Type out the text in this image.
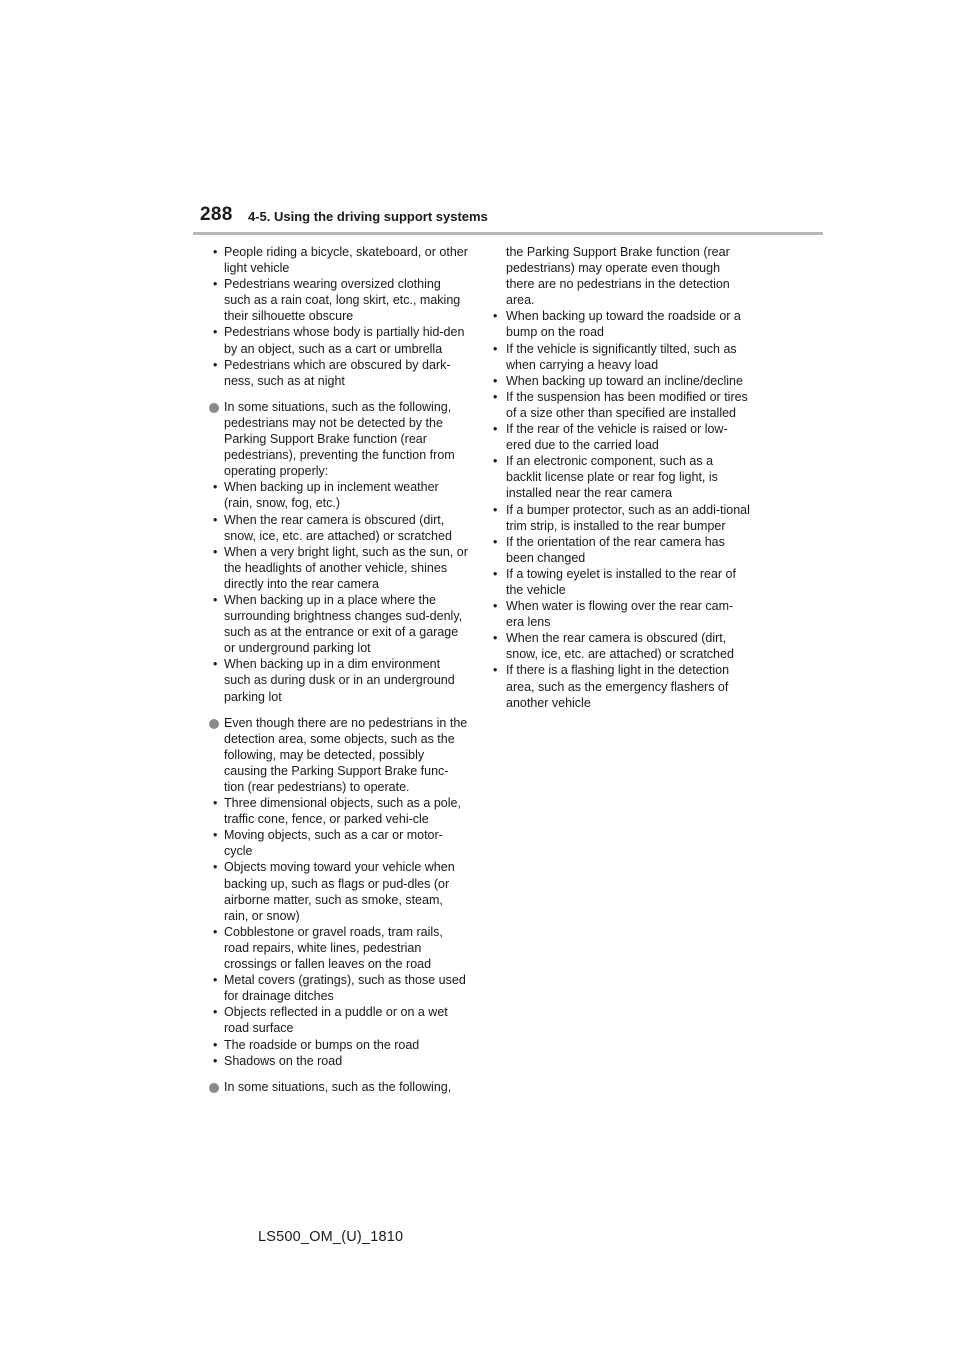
288 4-5. Using the driving support systems
• People riding a bicycle, skateboard, or other light vehicle
• Pedestrians wearing oversized clothing such as a rain coat, long skirt, etc., making their silhouette obscure
• Pedestrians whose body is partially hid-den by an object, such as a cart or umbrella
• Pedestrians which are obscured by dark-ness, such as at night
In some situations, such as the following, pedestrians may not be detected by the Parking Support Brake function (rear pedestrians), preventing the function from operating properly:
• When backing up in inclement weather (rain, snow, fog, etc.)
• When the rear camera is obscured (dirt, snow, ice, etc. are attached) or scratched
• When a very bright light, such as the sun, or the headlights of another vehicle, shines directly into the rear camera
• When backing up in a place where the surrounding brightness changes sud-denly, such as at the entrance or exit of a garage or underground parking lot
• When backing up in a dim environment such as during dusk or in an underground parking lot
Even though there are no pedestrians in the detection area, some objects, such as the following, may be detected, possibly causing the Parking Support Brake func-tion (rear pedestrians) to operate.
• Three dimensional objects, such as a pole, traffic cone, fence, or parked vehi-cle
• Moving objects, such as a car or motor-cycle
• Objects moving toward your vehicle when backing up, such as flags or pud-dles (or airborne matter, such as smoke, steam, rain, or snow)
• Cobblestone or gravel roads, tram rails, road repairs, white lines, pedestrian crossings or fallen leaves on the road
• Metal covers (gratings), such as those used for drainage ditches
• Objects reflected in a puddle or on a wet road surface
• The roadside or bumps on the road
• Shadows on the road
In some situations, such as the following,
the Parking Support Brake function (rear pedestrians) may operate even though there are no pedestrians in the detection area.
• When backing up toward the roadside or a bump on the road
• If the vehicle is significantly tilted, such as when carrying a heavy load
• When backing up toward an incline/decline
• If the suspension has been modified or tires of a size other than specified are installed
• If the rear of the vehicle is raised or low-ered due to the carried load
• If an electronic component, such as a backlit license plate or rear fog light, is installed near the rear camera
• If a bumper protector, such as an addi-tional trim strip, is installed to the rear bumper
• If the orientation of the rear camera has been changed
• If a towing eyelet is installed to the rear of the vehicle
• When water is flowing over the rear cam-era lens
• When the rear camera is obscured (dirt, snow, ice, etc. are attached) or scratched
• If there is a flashing light in the detection area, such as the emergency flashers of another vehicle
LS500_OM_(U)_1810
